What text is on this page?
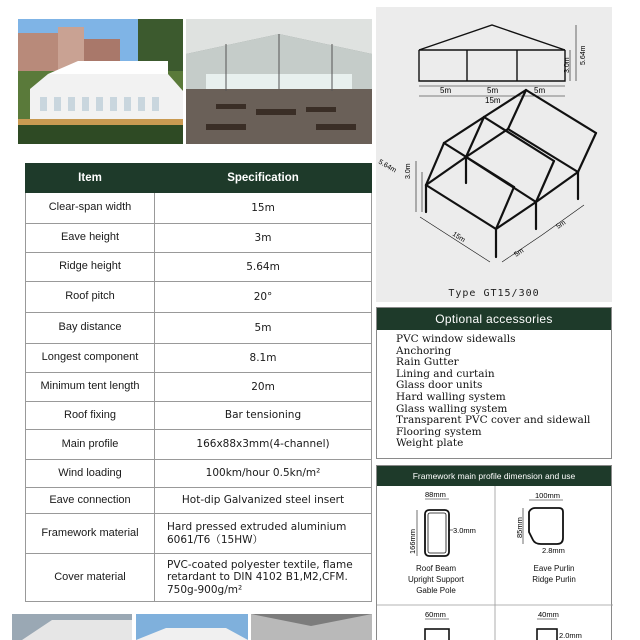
5m	5m	5m
15m
3.0m
5.64m
5.64m 3.0m
15m
5m
5m
Type GT15/300
Item	Specification
Clear-span width	15m
Eave height	3m
Ridge height	5.64m
Roof pitch	20°
Bay distance	5m
Longest component	8.1m
Minimum tent length	20m
Roof fixing	Bar tensioning
Main profile	166x88x3mm(4-channel)
Wind loading	100km/hour 0.5kn/m²
Eave connection	Hot-dip Galvanized steel insert
Framework material	Hard pressed extruded aluminium 6061/T6（15HW）
Cover material	PVC-coated polyester textile, flame retardant to DIN 4102 B1,M2,CFM. 750g-900g/m²
Optional accessories
PVC window sidewalls
Anchoring
Rain Gutter
Lining and curtain
Glass door units
Hard walling system
Glass walling system
Transparent PVC cover and sidewall
Flooring system
Weight plate
Framework main profile dimension and use
88mm
3.0mm
166mm
100mm
2.8mm
85mm
60mm	40mm
2.0mm
Roof Beam
Upright Support
Gable Pole
Eave Purlin
Ridge Purlin
